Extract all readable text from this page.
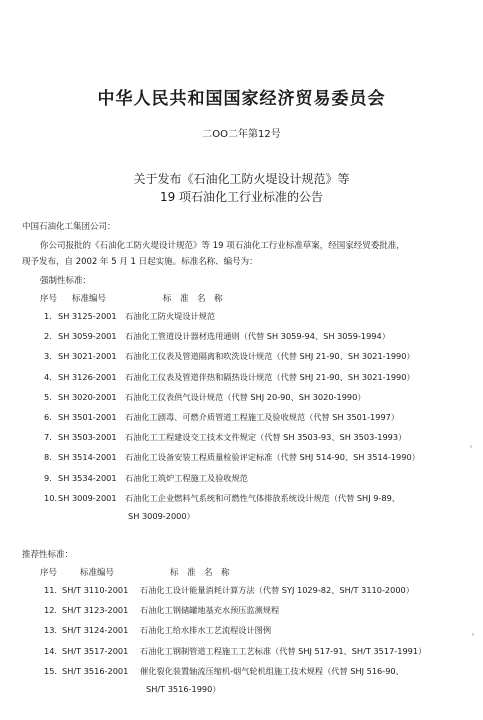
中华人民共和国国家经济贸易委员会
二OO二年第12号
关于发布《石油化工防火堤设计规范》等
19 项石油化工行业标准的公告
中国石油化工集团公司：
你公司报批的《石油化工防火堤设计规范》等 19 项石油化工行业标准草案，经国家经贸委批准，
现予发布，自 2002 年 5 月 1 日起实施。标准名称、编号为：
强制性标准：
序号 标准编号	标　准　名　称
1. SH 3125-2001 石油化工防火堤设计规范
2. SH 3059-2001 石油化工管道设计器材选用通则（代替 SH 3059-94、SH 3059-1994）
3. SH 3021-2001 石油化工仪表及管道隔离和吹洗设计规范（代替 SHJ 21-90、SH 3021-1990）
4. SH 3126-2001 石油化工仪表及管道伴热和隔热设计规范（代替 SHJ 21-90、SH 3021-1990）
5. SH 3020-2001 石油化工仪表供气设计规范（代替 SHJ 20-90、SH 3020-1990）
6. SH 3501-2001 石油化工剧毒、可燃介质管道工程施工及验收规范（代替 SH 3501-1997）
7. SH 3503-2001 石油化工工程建设交工技术文件规定（代替 SH 3503-93、SH 3503-1993）
8. SH 3514-2001 石油化工设备安装工程质量检验评定标准（代替 SHJ 514-90、SH 3514-1990）
9. SH 3534-2001 石油化工筑炉工程施工及验收规范
10. SH 3009-2001 石油化工企业燃料气系统和可燃性气体排放系统设计规范（代替 SHJ 9-89、
SH 3009-2000）
推荐性标准：
序号	标准编号	标　准　名　称
11. SH/T 3110-2001 石油化工设计能量消耗计算方法（代替 SYJ 1029-82、SH/T 3110-2000）
12. SH/T 3123-2001 石油化工钢储罐地基充水预压监测规程
13. SH/T 3124-2001 石油化工给水排水工艺流程设计图例
14. SH/T 3517-2001 石油化工钢制管道工程施工工艺标准（代替 SHJ 517-91、SH/T 3517-1991）
15. SH/T 3516-2001 催化裂化装置轴流压缩机-烟气轮机组施工技术规程（代替 SHJ 516-90、
SH/T 3516-1990）
